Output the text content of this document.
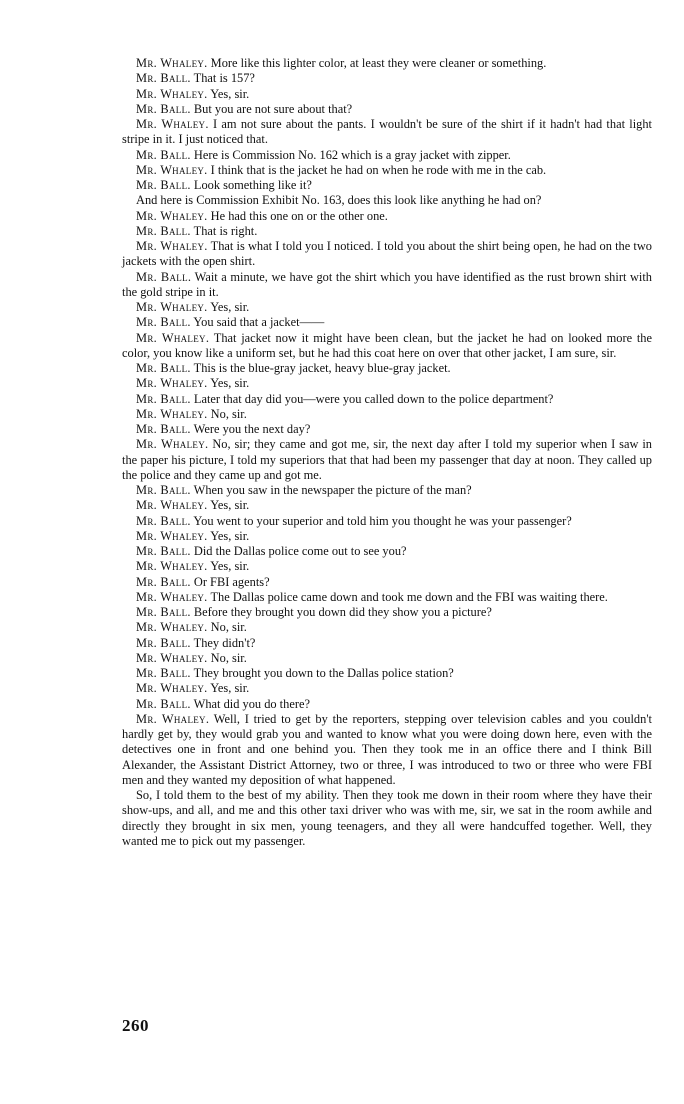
Mr. Whaley. More like this lighter color, at least they were cleaner or something.

Mr. Ball. That is 157?

Mr. Whaley. Yes, sir.

Mr. Ball. But you are not sure about that?

Mr. Whaley. I am not sure about the pants. I wouldn't be sure of the shirt if it hadn't had that light stripe in it. I just noticed that.

Mr. Ball. Here is Commission No. 162 which is a gray jacket with zipper.

Mr. Whaley. I think that is the jacket he had on when he rode with me in the cab.

Mr. Ball. Look something like it?

And here is Commission Exhibit No. 163, does this look like anything he had on?

Mr. Whaley. He had this one on or the other one.

Mr. Ball. That is right.

Mr. Whaley. That is what I told you I noticed. I told you about the shirt being open, he had on the two jackets with the open shirt.

Mr. Ball. Wait a minute, we have got the shirt which you have identified as the rust brown shirt with the gold stripe in it.

Mr. Whaley. Yes, sir.

Mr. Ball. You said that a jacket——

Mr. Whaley. That jacket now it might have been clean, but the jacket he had on looked more the color, you know like a uniform set, but he had this coat here on over that other jacket, I am sure, sir.

Mr. Ball. This is the blue-gray jacket, heavy blue-gray jacket.

Mr. Whaley. Yes, sir.

Mr. Ball. Later that day did you—were you called down to the police department?

Mr. Whaley. No, sir.

Mr. Ball. Were you the next day?

Mr. Whaley. No, sir; they came and got me, sir, the next day after I told my superior when I saw in the paper his picture, I told my superiors that that had been my passenger that day at noon. They called up the police and they came up and got me.

Mr. Ball. When you saw in the newspaper the picture of the man?

Mr. Whaley. Yes, sir.

Mr. Ball. You went to your superior and told him you thought he was your passenger?

Mr. Whaley. Yes, sir.

Mr. Ball. Did the Dallas police come out to see you?

Mr. Whaley. Yes, sir.

Mr. Ball. Or FBI agents?

Mr. Whaley. The Dallas police came down and took me down and the FBI was waiting there.

Mr. Ball. Before they brought you down did they show you a picture?

Mr. Whaley. No, sir.

Mr. Ball. They didn't?

Mr. Whaley. No, sir.

Mr. Ball. They brought you down to the Dallas police station?

Mr. Whaley. Yes, sir.

Mr. Ball. What did you do there?

Mr. Whaley. Well, I tried to get by the reporters, stepping over television cables and you couldn't hardly get by, they would grab you and wanted to know what you were doing down here, even with the detectives one in front and one behind you. Then they took me in an office there and I think Bill Alexander, the Assistant District Attorney, two or three, I was introduced to two or three who were FBI men and they wanted my deposition of what happened.

So, I told them to the best of my ability. Then they took me down in their room where they have their show-ups, and all, and me and this other taxi driver who was with me, sir, we sat in the room awhile and directly they brought in six men, young teenagers, and they all were handcuffed together. Well, they wanted me to pick out my passenger.

260
